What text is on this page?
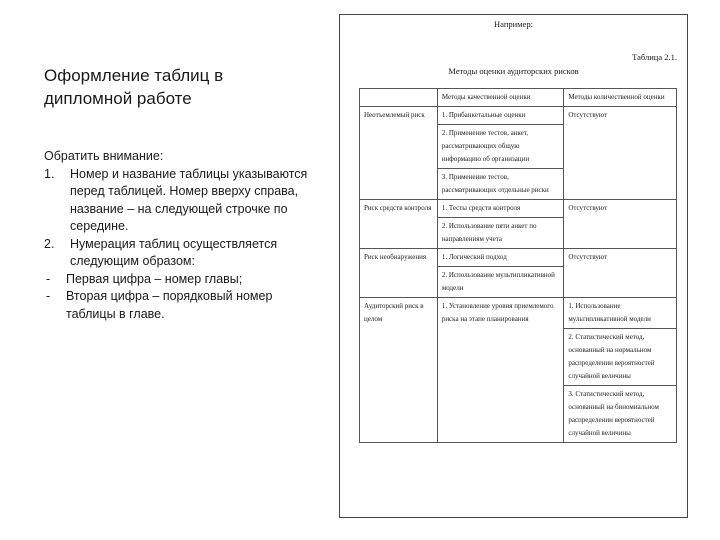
Оформление таблиц в
дипломной работе

Обратить внимание:

1. Номер и название таблицы указываются перед таблицей. Номер вверху справа, название – на следующей строчке по середине.
2. Нумерация таблиц осуществляется следующим образом:
- Первая цифра – номер главы;
- Вторая цифра – порядковый номер таблицы в главе.
Например:
Таблица 2.1.
Методы оценки аудиторских рисков
	Методы качественной оценки	Методы количественной оценки
Неотъемлемый риск	1. Прибанкетальные оценки	Отсутствуют
	2. Применение тестов, анкет, рассматривающих общую информацию об организации	
	3. Применение тестов, рассматривающих отдельные риски	
Риск средств контроля	1. Тесты средств контроля	Отсутствуют
	2. Использование пяти анкет по направлениям учета	
Риск необнаружения	1. Логический подход	Отсутствуют
	2. Использование мультипликативной модели	
Аудиторский риск в целом	1. Установление уровня приемлемого риска на этапе планирования	1. Использование мультипликативной модели
		2. Статистический метод, основанный на нормальном распределении вероятностей случайной величины
		3. Статистический метод, основанный на биномиальном распределении вероятностей случайной величины
